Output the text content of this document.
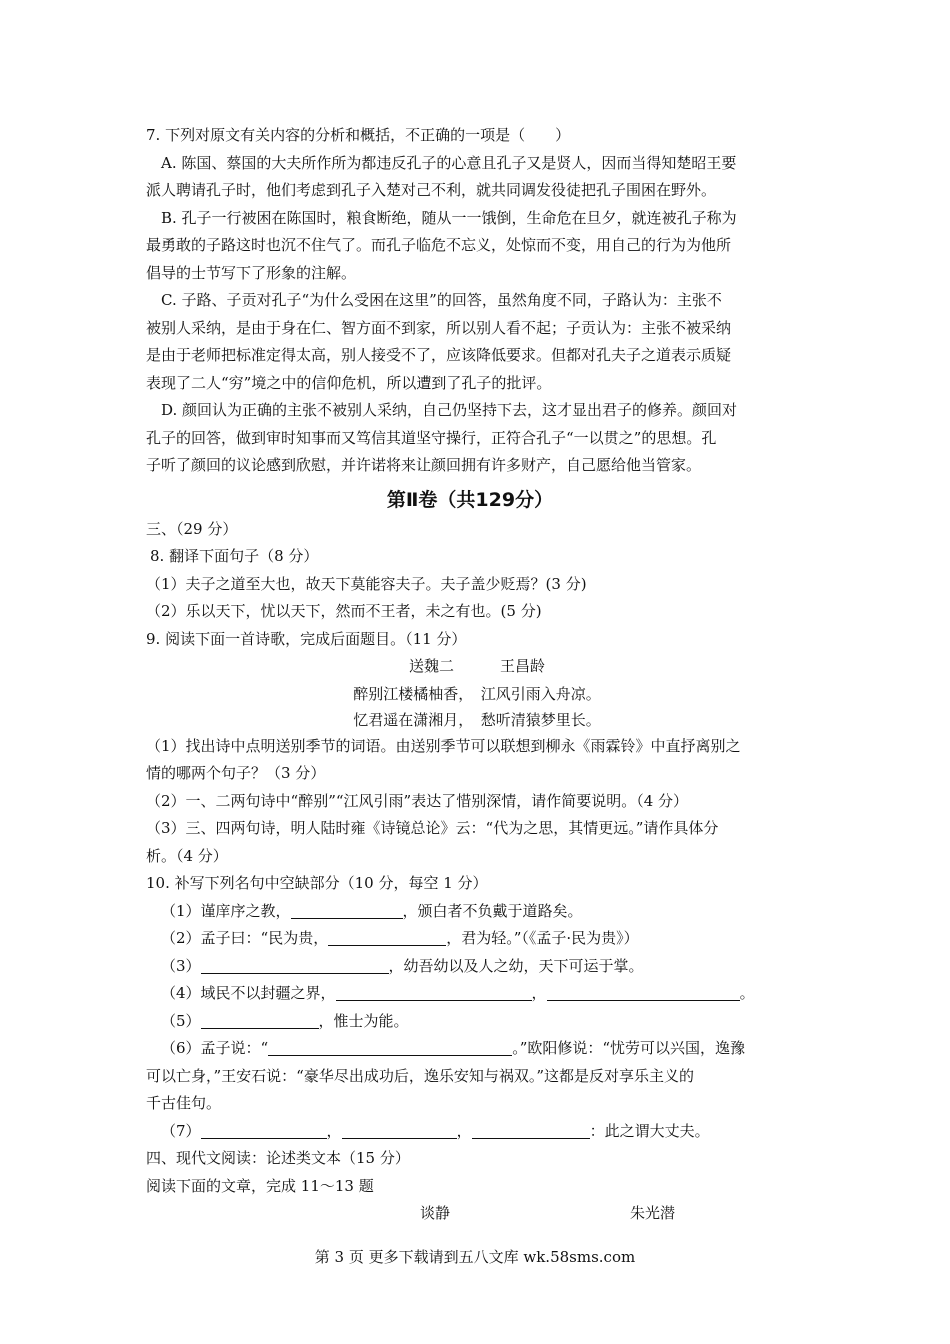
7. 下列对原文有关内容的分析和概括，不正确的一项是（　　）
A. 陈国、蔡国的大夫所作所为都违反孔子的心意且孔子又是贤人，因而当得知楚昭王要
派人聘请孔子时，他们考虑到孔子入楚对己不利，就共同调发役徒把孔子围困在野外。
B. 孔子一行被困在陈国时，粮食断绝，随从一一饿倒，生命危在旦夕，就连被孔子称为
最勇敢的子路这时也沉不住气了。而孔子临危不忘义，处惊而不变，用自己的行为为他所
倡导的士节写下了形象的注解。
C. 子路、子贡对孔子“为什么受困在这里”的回答，虽然角度不同，子路认为：主张不
被别人采纳，是由于身在仁、智方面不到家，所以别人看不起；子贡认为：主张不被采纳
是由于老师把标准定得太高，别人接受不了，应该降低要求。但都对孔夫子之道表示质疑
表现了二人“穷”境之中的信仰危机，所以遭到了孔子的批评。
D. 颜回认为正确的主张不被别人采纳，自己仍坚持下去，这才显出君子的修养。颜回对
孔子的回答，做到审时知事而又笃信其道坚守操行，正符合孔子“一以贯之”的思想。孔
子听了颜回的议论感到欣慰，并许诺将来让颜回拥有许多财产，自己愿给他当管家。
第Ⅱ卷（共129分）
三、（29 分）
8. 翻译下面句子（8 分）
（1）夫子之道至大也，故天下莫能容夫子。夫子盖少贬焉？(3 分)
（2）乐以天下，忧以天下，然而不王者，未之有也。(5 分)
9. 阅读下面一首诗歌，完成后面题目。（11 分）
送魏二	王昌龄
醉别江楼橘柚香，　江风引雨入舟凉。
忆君遥在潇湘月，　愁听清猿梦里长。
（1）找出诗中点明送别季节的词语。由送别季节可以联想到柳永《雨霖铃》中直抒离别之
情的哪两个句子？（3 分）
（2）一、二两句诗中“醉别”“江风引雨”表达了惜别深情，请作简要说明。（4 分）
（3）三、四两句诗，明人陆时雍《诗镜总论》云：“代为之思，其情更远。”请作具体分
析。（4 分）
10. 补写下列名句中空缺部分（10 分，每空 1 分）
（1）谨庠序之教，	，颁白者不负戴于道路矣。
（2）孟子曰：“民为贵，	，君为轻。”（《孟子·民为贵》）
（3）	，幼吾幼以及人之幼，天下可运于掌。
（4）域民不以封疆之界，	，	。
（5）	，惟士为能。
（6）孟子说：“	。”欧阳修说：“忧劳可以兴国，逸豫
可以亡身，”王安石说：“豪华尽出成功后，逸乐安知与祸双。”这都是反对享乐主义的
千古佳句。
（7）	，	，	：此之谓大丈夫。
四、现代文阅读：论述类文本（15 分）
阅读下面的文章，完成 11～13 题
谈静	朱光潜
第 3 页 更多下载请到五八文库 wk.58sms.com
